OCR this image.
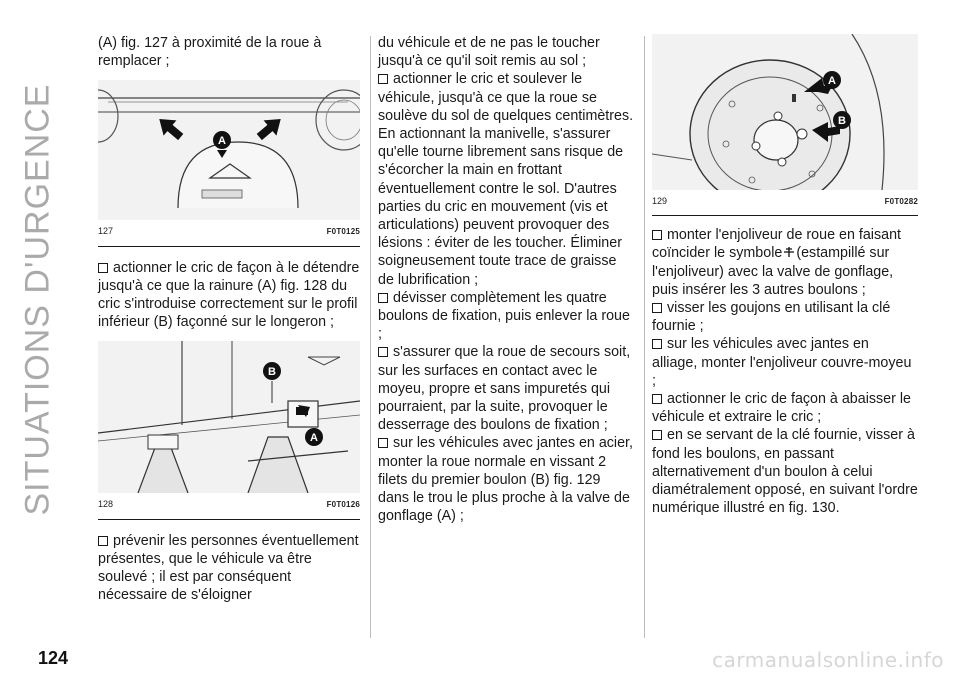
SITUATIONS D'URGENCE
124	carmanualsonline.info

(A) fig. 127 à proximité de la roue à remplacer ;

A
127	F0T0125

actionner le cric de façon à le détendre jusqu'à ce que la rainure (A) fig. 128 du cric s'introduise correctement sur le profil inférieur (B) façonné sur le longeron ;

B
A
128	F0T0126

prévenir les personnes éventuellement présentes, que le véhicule va être soulevé ; il est par conséquent nécessaire de s'éloigner

du véhicule et de ne pas le toucher jusqu'à ce qu'il soit remis au sol ;

actionner le cric et soulever le véhicule, jusqu'à ce que la roue se soulève du sol de quelques centimètres. En actionnant la manivelle, s'assurer qu'elle tourne librement sans risque de s'écorcher la main en frottant éventuellement contre le sol. D'autres parties du cric en mouvement (vis et articulations) peuvent provoquer des lésions : éviter de les toucher. Éliminer soigneusement toute trace de graisse de lubrification ;

dévisser complètement les quatre boulons de fixation, puis enlever la roue ;

s'assurer que la roue de secours soit, sur les surfaces en contact avec le moyeu, propre et sans impuretés qui pourraient, par la suite, provoquer le desserrage des boulons de fixation ;

sur les véhicules avec jantes en acier, monter la roue normale en vissant 2 filets du premier boulon (B) fig. 129 dans le trou le plus proche à la valve de gonflage (A) ;

A
B
129	F0T0282

monter l'enjoliveur de roue en faisant coïncider le symbole (estampillé sur l'enjoliveur) avec la valve de gonflage, puis insérer les 3 autres boulons ;

visser les goujons en utilisant la clé fournie ;

sur les véhicules avec jantes en alliage, monter l'enjoliveur couvre-moyeu ;

actionner le cric de façon à abaisser le véhicule et extraire le cric ;

en se servant de la clé fournie, visser à fond les boulons, en passant alternativement d'un boulon à celui diamétralement opposé, en suivant l'ordre numérique illustré en fig. 130.
